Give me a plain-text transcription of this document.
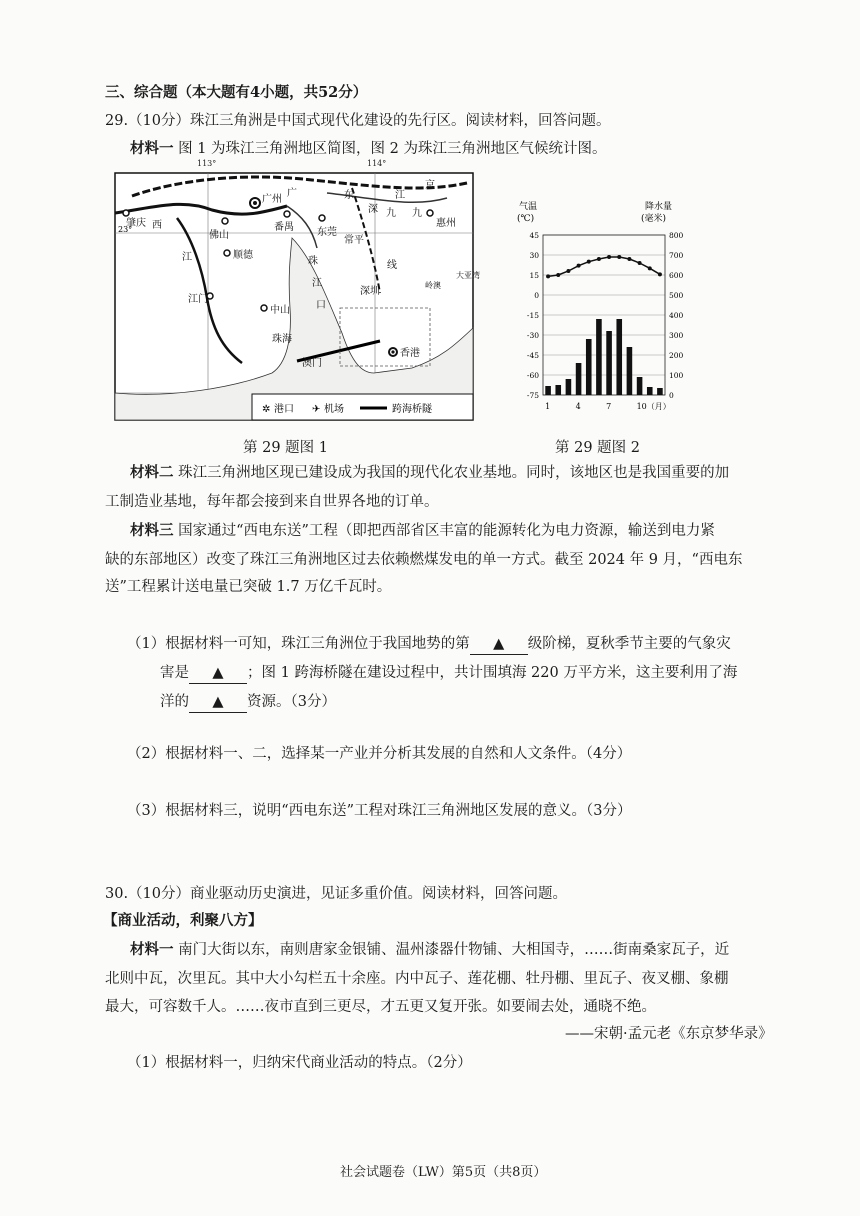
三、综合题（本大题有4小题，共52分）
29.（10分）珠江三角洲是中国式现代化建设的先行区。阅读材料，回答问题。
材料一 图 1 为珠江三角洲地区简图，图 2 为珠江三角洲地区气候统计图。
113°	114°
23°
广州
佛山
番禺 东莞
常平
惠州
肇庆
顺德
中山
江门
珠海
澳门
深圳
香港
西
江
广	东
深
江
九
京
九
线
珠
江
口
岭澳
大亚湾
✲ 港口 ✈ 机场	跨海桥隧
气温
(℃)
降水量
(毫米)
45	800
30	700
15	600
0	500
-15	400
-30	300
-45	200
-60	100
-75	0
1	4	7	10（月）
第 29 题图 1	第 29 题图 2
材料二 珠江三角洲地区现已建设成为我国的现代化农业基地。同时，该地区也是我国重要的加
工制造业基地，每年都会接到来自世界各地的订单。
材料三 国家通过“西电东送”工程（即把西部省区丰富的能源转化为电力资源，输送到电力紧
缺的东部地区）改变了珠江三角洲地区过去依赖燃煤发电的单一方式。截至 2024 年 9 月，“西电东
送”工程累计送电量已突破 1.7 万亿千瓦时。
（1）根据材料一可知，珠江三角洲位于我国地势的第 ▲ 级阶梯，夏秋季节主要的气象灾
害是 ▲ ；图 1 跨海桥隧在建设过程中，共计围填海 220 万平方米，这主要利用了海
洋的 ▲ 资源。（3分）
（2）根据材料一、二，选择某一产业并分析其发展的自然和人文条件。（4分）
（3）根据材料三，说明“西电东送”工程对珠江三角洲地区发展的意义。（3分）
30.（10分）商业驱动历史演进，见证多重价值。阅读材料，回答问题。
【商业活动，利聚八方】
材料一 南门大街以东，南则唐家金银铺、温州漆器什物铺、大相国寺，……街南桑家瓦子，近
北则中瓦，次里瓦。其中大小勾栏五十余座。内中瓦子、莲花棚、牡丹棚、里瓦子、夜叉棚、象棚
最大，可容数千人。……夜市直到三更尽，才五更又复开张。如要闹去处，通晓不绝。
——宋朝·孟元老《东京梦华录》
（1）根据材料一，归纳宋代商业活动的特点。（2分）
社会试题卷（LW）第5页（共8页）
